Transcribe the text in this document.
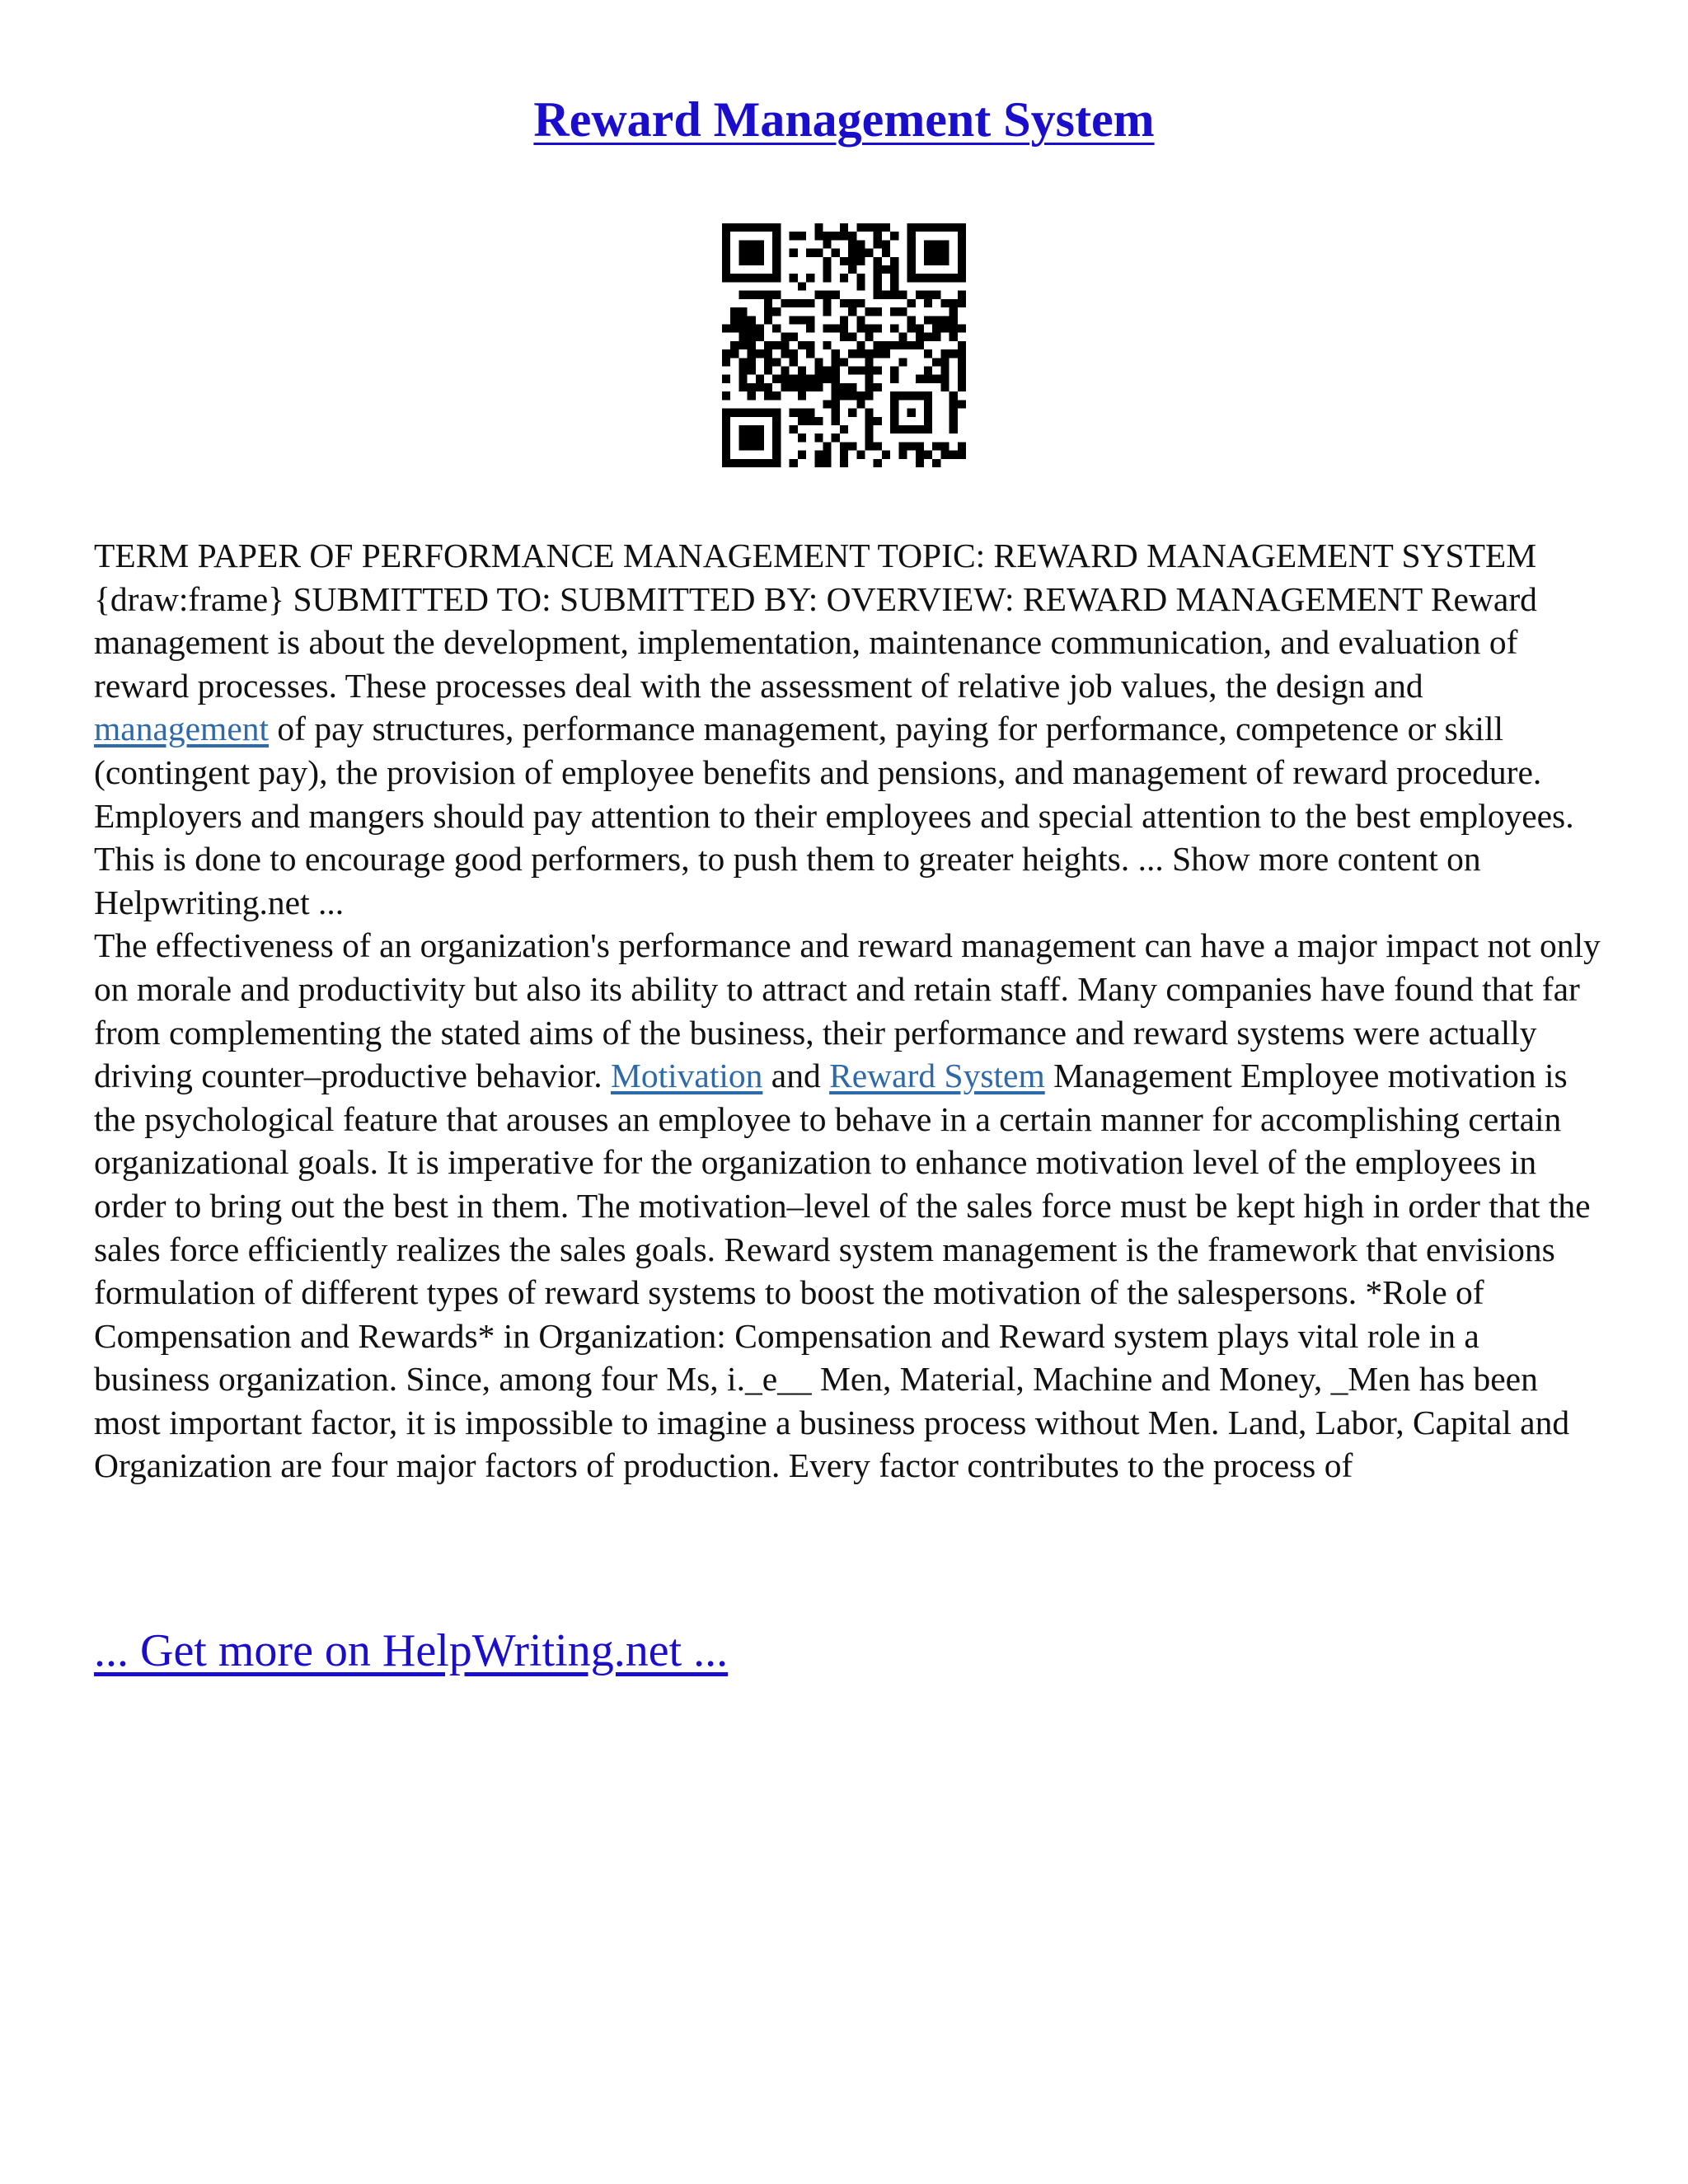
Reward Management System

TERM PAPER OF PERFORMANCE MANAGEMENT TOPIC: REWARD MANAGEMENT SYSTEM {draw:frame} SUBMITTED TO: SUBMITTED BY: OVERVIEW: REWARD MANAGEMENT Reward management is about the development, implementation, maintenance communication, and evaluation of reward processes. These processes deal with the assessment of relative job values, the design and management of pay structures, performance management, paying for performance, competence or skill (contingent pay), the provision of employee benefits and pensions, and management of reward procedure. Employers and mangers should pay attention to their employees and special attention to the best employees. This is done to encourage good performers, to push them to greater heights. ... Show more content on Helpwriting.net ...
The effectiveness of an organization's performance and reward management can have a major impact not only on morale and productivity but also its ability to attract and retain staff. Many companies have found that far from complementing the stated aims of the business, their performance and reward systems were actually driving counter–productive behavior. Motivation and Reward System Management Employee motivation is the psychological feature that arouses an employee to behave in a certain manner for accomplishing certain organizational goals. It is imperative for the organization to enhance motivation level of the employees in order to bring out the best in them. The motivation–level of the sales force must be kept high in order that the sales force efficiently realizes the sales goals. Reward system management is the framework that envisions formulation of different types of reward systems to boost the motivation of the salespersons. *Role of Compensation and Rewards* in Organization: Compensation and Reward system plays vital role in a business organization. Since, among four Ms, i._e__ Men, Material, Machine and Money, _Men has been most important factor, it is impossible to imagine a business process without Men. Land, Labor, Capital and Organization are four major factors of production. Every factor contributes to the process of

... Get more on HelpWriting.net ...
